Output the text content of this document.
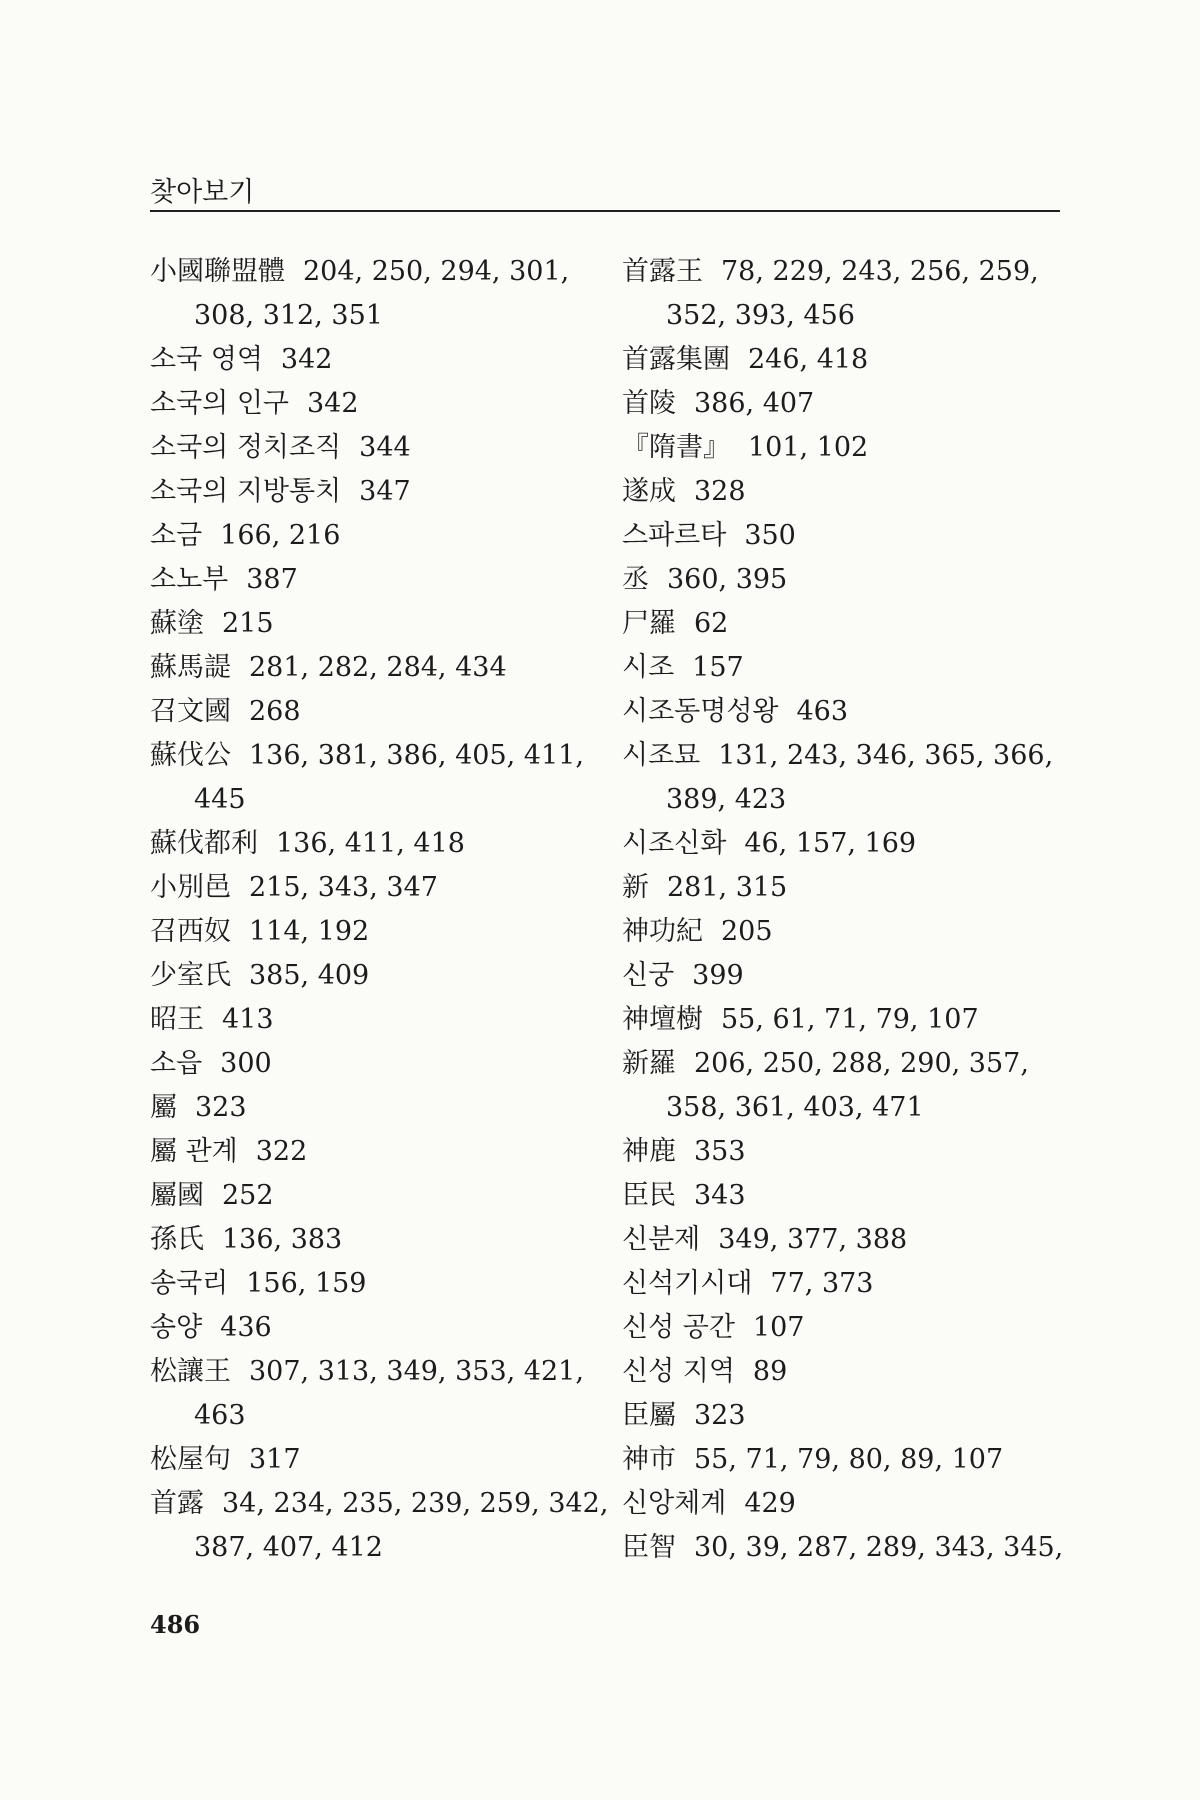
찾아보기
小國聯盟體 204, 250, 294, 301,
308, 312, 351
소국 영역 342
소국의 인구 342
소국의 정치조직 344
소국의 지방통치 347
소금 166, 216
소노부 387
蘇塗 215
蘇馬諟 281, 282, 284, 434
召文國 268
蘇伐公 136, 381, 386, 405, 411,
445
蘇伐都利 136, 411, 418
小別邑 215, 343, 347
召西奴 114, 192
少室氏 385, 409
昭王 413
소읍 300
屬 323
屬 관계 322
屬國 252
孫氏 136, 383
송국리 156, 159
송양 436
松讓王 307, 313, 349, 353, 421,
463
松屋句 317
首露 34, 234, 235, 239, 259, 342,
387, 407, 412
首露王 78, 229, 243, 256, 259,
352, 393, 456
首露集團 246, 418
首陵 386, 407
『隋書』 101, 102
遂成 328
스파르타 350
丞 360, 395
尸羅 62
시조 157
시조동명성왕 463
시조묘 131, 243, 346, 365, 366,
389, 423
시조신화 46, 157, 169
新 281, 315
神功紀 205
신궁 399
神壇樹 55, 61, 71, 79, 107
新羅 206, 250, 288, 290, 357,
358, 361, 403, 471
神鹿 353
臣民 343
신분제 349, 377, 388
신석기시대 77, 373
신성 공간 107
신성 지역 89
臣屬 323
神市 55, 71, 79, 80, 89, 107
신앙체계 429
臣智 30, 39, 287, 289, 343, 345,
486
